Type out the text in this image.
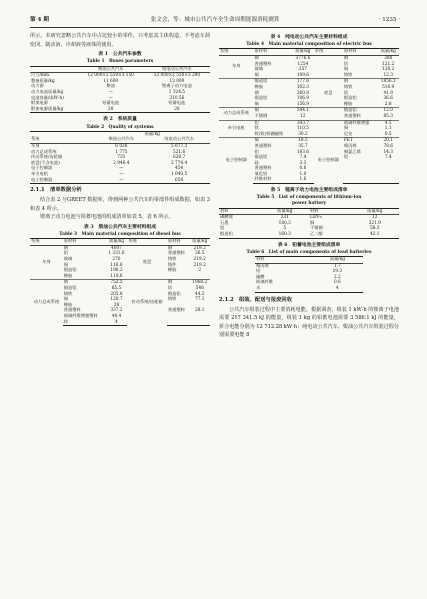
第 4 期	张文会，等：城市公共汽车全生命周期能源消耗测算	· 1235 ·

所示。本研究忽略公共汽车中占比较小的零件，只考虑其主体构造，不考虑车洞密闭、制动液、冷却液等液体的使用。

表 1　公共汽车参数
Table 1　Buses parameters
	柴油公共汽车	纯电动公共汽车
尺寸/mm	12 000×2 550×3 150	12 000×2 550×3 290
整备质量/kg	11 600	13 000
动力源	柴油	锂离子动力电池
动力电池质量/kg	—	1 324.5
电池容量/(kW·h)	—	210.56
附加电源	铅蓄电池	铅蓄电池
附加电源质量/kg	28	28
表 2　系统质量
Table 2　Quality of systems
	质量/kg	
系统	柴油公共汽车	纯电动公共汽车
车身	6 026	5 677.3
动力总成系统	1 775	521.6
传动系统/齿轮箱	731	638.7
底盘(不含电池)	2 946.4	2 774.4
电子控制器	—	454
牵引电机	—	1 040.5
电子控制器	—	654
2.1.1　清单数据分析

结合表 2 与GREET 数据库，得到两种公共汽车的零部件组成数据，如表 3 和表 4 所示。

锂离子动力电池与铅蓄电池的组成清单如表 5、表 6 所示。

表 3　柴油公共汽车主要材料组成
Table 3　Main material composition of diesel bus
系统	原材料	质量/kg	系统	原材料	质量/kg
车身	钢	4007	底盘	钢	219.2
	铝	1 331.6		普通塑料	36.5
	玻璃	270		铸铁	219.2
	铜	116.6		铸件	219.2
	锻造铝	190.2		橡胶	2
	橡胶	110.6			
动力总成系统	钢	752.5	传动系统/齿轮箱	钢	1968.2
	锻造铝	85.5		铝	548
	铸铁	205.8		锻造铝	44.2
	铜	120.7		铸铁	77.1
	橡胶	28			
	普通塑料	337.2		普通塑料	28.1
	玻璃纤维增强塑料	44.4			
	锌	4			
表 4　纯电动公共汽车主要材料组成
Table 4　Main material composition of electric bus
系统	原材料	质量/kg	系统	原材料	质量/kg
车身	钢	3776.6		钢	388
	普通塑料	1254		铝	121.2
	玻璃	257		铜	128.2
	铜	109.6		铸铁	12.3
	锻造铝	177.6	底盘	钢	1856.3
	橡胶	102.3		铸铁	516.9
	钢	260.8		铝	41.9
	锻造铝	106.9		锻造铝	36.6
	铜	156.9		橡胶	2.8
动力总成系统	铜	544.1		锻造铝	12.0
	不锈钢	12		普通塑料	85.3
牵引电机	铝	343.7		玻璃纤维增强	4.5
	铁	110.5		铜	1.1
	钕(钕)铁硼磁铁	30.2		尼龙	0.5
电子控制器	铜	18.5	电子控制器	PET	20.1
	普通塑料	35.7		聚丙烯	78.6
	铝	183.6		聚氯乙烯	14.3
	锻造铝	7.4		铝	7.4
	硅	3.3			
	普通塑料	0.6			
	氧化铝	1.0			
	纤维材料	1.6			
表 5　锂离子动力电池主要组成清单
Table 5　List of components of lithium-ion
power battery
材料	质量/kg	材料	质量/kg
磷酸锂	331	LiPF₆	12
石墨	180.3	铜	321.9
铝	5	不锈钢	58.3
锻造铝	160.3	乙二醇	42.1
表 6　铅蓄电池主要组成清单
Table 6　List of main components of lead batteries
材料	质量/kg
聚丙烯	1.7
铅	19.3
硫酸	2.2
玻璃纤维	0.6
水	4
2.1.2　组装、配送与报废回收

公共汽车组装过程中主要消耗电能。根据调查，组装 1 kW·h 的锂离子电池需要 217 341.5 kJ 的能量，组装 1 kg 的铅蓄电池需要 3 586.1 kJ 的能量，折合电能分别为 12 712.28 kW·h；纯电动公共汽车、柴油公共汽车组装过程分别需要电能 8
